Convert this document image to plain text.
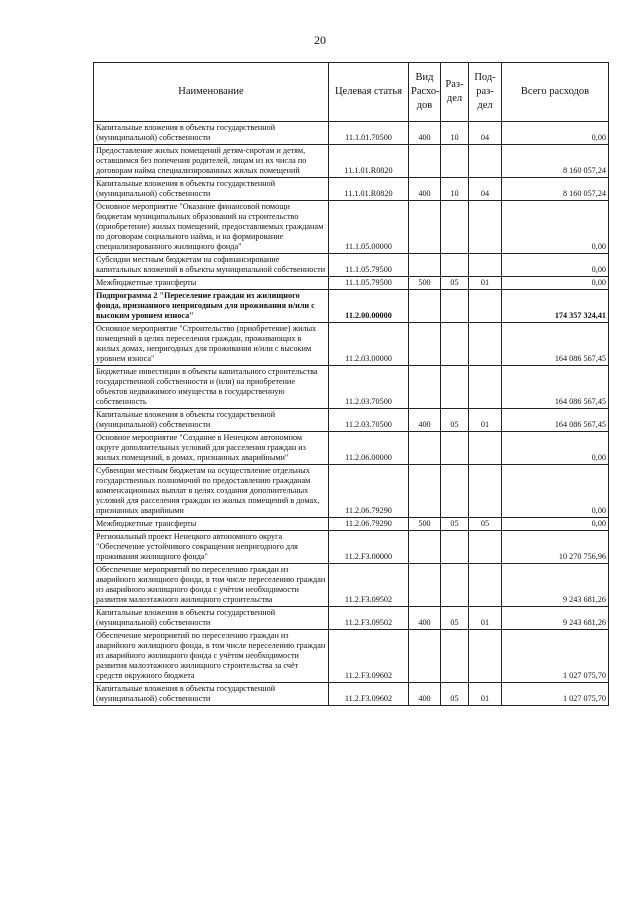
20
Наименование	Целевая статья	Вид Расхо-дов	Раз-дел	Под-раз-дел	Всего расходов
Капитальные вложения в объекты государственной (муниципальной) собственности	11.1.01.70500	400	10	04	0,00
Предоставление жилых помещений детям-сиротам и детям, оставшимся без попечения родителей, лицам из их числа по договорам найма специализированных жилых помещений	11.1.01.R0820				8 160 057,24
Капитальные вложения в объекты государственной (муниципальной) собственности	11.1.01.R0820	400	10	04	8 160 057,24
Основное мероприятие "Оказание финансовой помощи бюджетам муниципальных образований на строительство (приобретение) жилых помещений, предоставляемых гражданам по договорам социального найма, и на формирование специализированного жилищного фонда"	11.1.05.00000				0,00
Субсидии местным бюджетам на софинансирование капитальных вложений в объекты муниципальной собственности	11.1.05.79500				0,00
Межбюджетные трансферты	11.1.05.79500	500	05	01	0,00
Подпрограмма 2 "Переселение граждан из жилищного фонда, признанного непригодным для проживания и/или с высоким уровнем износа"	11.2.00.00000				174 357 324,41
Основное мероприятие "Строительство (приобретение) жилых помещений в целях переселения граждан, проживающих в жилых домах, непригодных для проживания и/или с высоким уровнем износа"	11.2.03.00000				164 086 567,45
Бюджетные инвестиции в объекты капитального строительства государственной собственности и (или) на приобретение объектов недвижимого имущества в государственную собственность	11.2.03.70500				164 086 567,45
Капитальные вложения в объекты государственной (муниципальной) собственности	11.2.03.70500	400	05	01	164 086 567,45
Основное мероприятие "Создание в Ненецком автономном округе дополнительных условий для расселения граждан из жилых помещений, в домах, признанных аварийными"	11.2.06.00000				0,00
Субвенции местным бюджетам на осуществление отдельных государственных полномочий по предоставлению гражданам компенсационных выплат в целях создания дополнительных условий для расселения граждан из жилых помещений в домах, признанных аварийными	11.2.06.79290				0,00
Межбюджетные трансферты	11.2.06.79290	500	05	05	0,00
Региональный проект Ненецкого автономного округа "Обеспечение устойчивого сокращения непригодного для проживания жилищного фонда"	11.2.F3.00000				10 270 756,96
Обеспечение мероприятий по переселению граждан из аварийного жилищного фонда, в том числе переселению граждан из аварийного жилищного фонда с учётом необходимости развития малоэтажного жилищного строительства	11.2.F3.09502				9 243 681,26
Капитальные вложения в объекты государственной (муниципальной) собственности	11.2.F3.09502	400	05	01	9 243 681,26
Обеспечение мероприятий по переселению граждан из аварийного жилищного фонда, в том числе переселению граждан из аварийного жилищного фонда с учётом необходимости развития малоэтажного жилищного строительства за счёт средств окружного бюджета	11.2.F3.09602				1 027 075,70
Капитальные вложения в объекты государственной (муниципальной) собственности	11.2.F3.09602	400	05	01	1 027 075,70
